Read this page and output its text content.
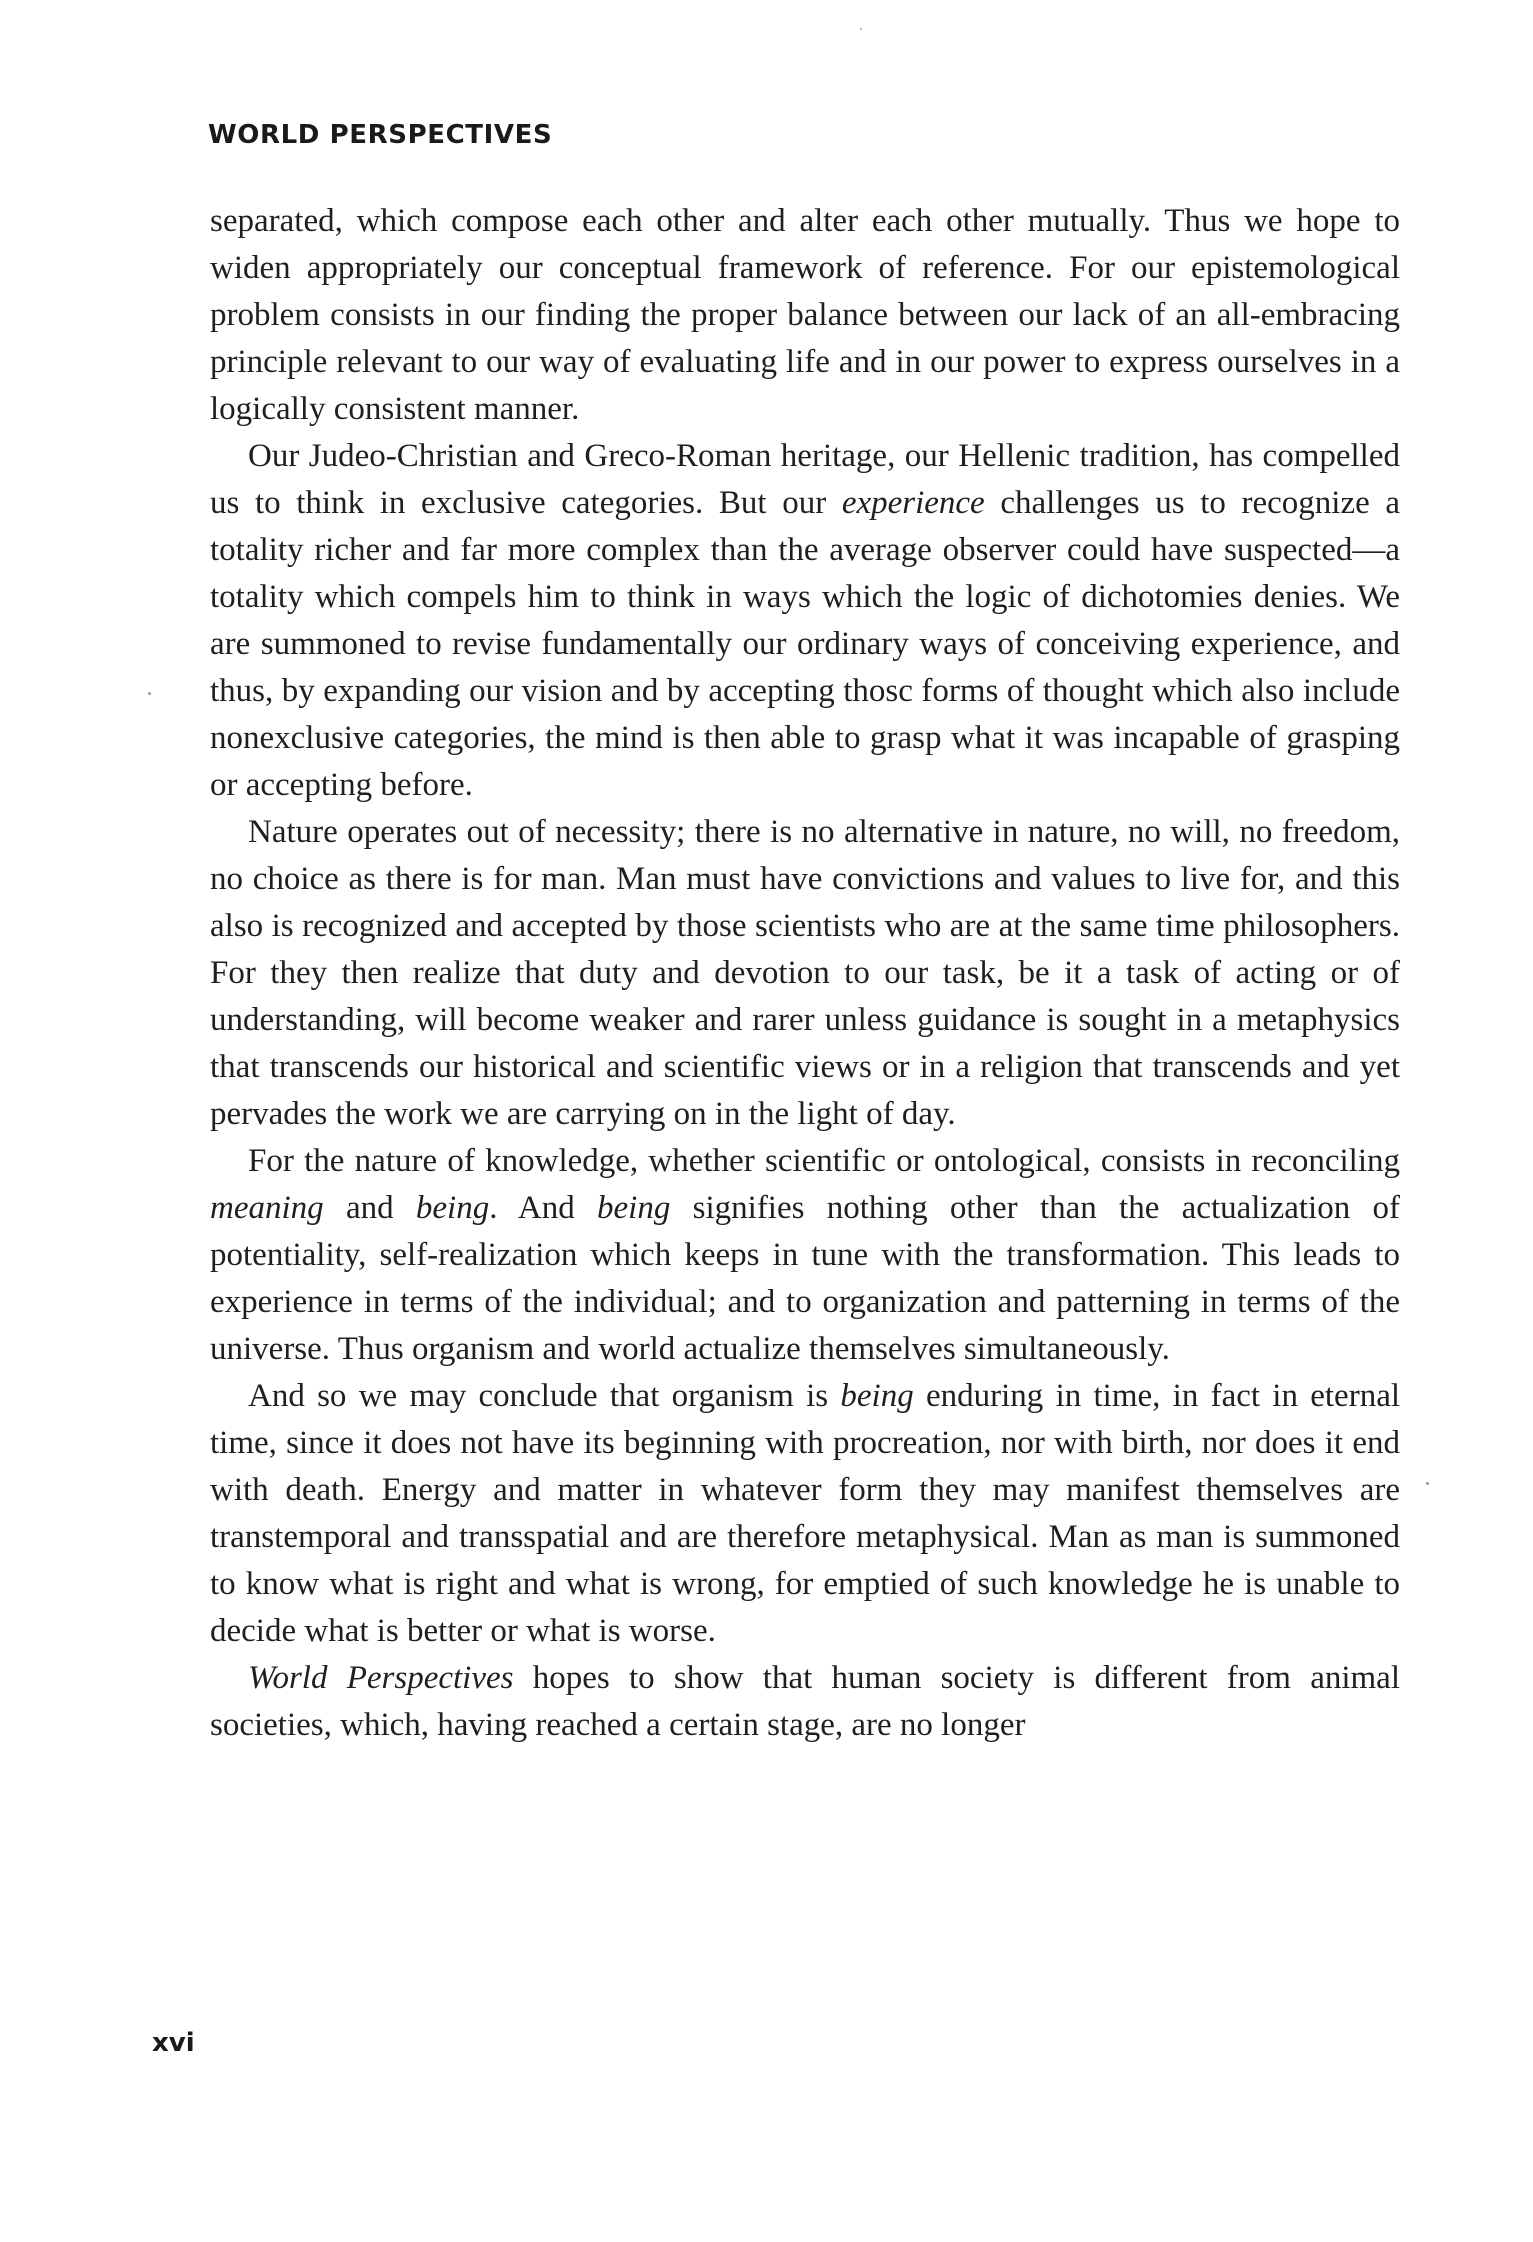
WORLD PERSPECTIVES

separated, which compose each other and alter each other mutually. Thus we hope to widen appropriately our conceptual framework of reference. For our epistemological problem consists in our finding the proper balance between our lack of an all-embracing principle relevant to our way of evaluating life and in our power to express ourselves in a logically consistent manner.

Our Judeo-Christian and Greco-Roman heritage, our Hellenic tradition, has compelled us to think in exclusive categories. But our experience challenges us to recognize a totality richer and far more complex than the average observer could have suspected—a totality which compels him to think in ways which the logic of dichotomies denies. We are summoned to revise fundamentally our ordinary ways of conceiving experience, and thus, by expanding our vision and by accepting thosc forms of thought which also include nonexclusive categories, the mind is then able to grasp what it was incapable of grasping or accepting before.

Nature operates out of necessity; there is no alternative in nature, no will, no freedom, no choice as there is for man. Man must have convictions and values to live for, and this also is recognized and accepted by those scientists who are at the same time philosophers. For they then realize that duty and devotion to our task, be it a task of acting or of understanding, will become weaker and rarer unless guidance is sought in a metaphysics that transcends our historical and scientific views or in a religion that transcends and yet pervades the work we are carrying on in the light of day.

For the nature of knowledge, whether scientific or ontological, consists in reconciling meaning and being. And being signifies nothing other than the actualization of potentiality, self-realization which keeps in tune with the transformation. This leads to experience in terms of the individual; and to organization and patterning in terms of the universe. Thus organism and world actualize themselves simultaneously.

And so we may conclude that organism is being enduring in time, in fact in eternal time, since it does not have its beginning with procreation, nor with birth, nor does it end with death. Energy and matter in whatever form they may manifest themselves are transtemporal and transspatial and are therefore metaphysical. Man as man is summoned to know what is right and what is wrong, for emptied of such knowledge he is unable to decide what is better or what is worse.

World Perspectives hopes to show that human society is different from animal societies, which, having reached a certain stage, are no longer

xvi
